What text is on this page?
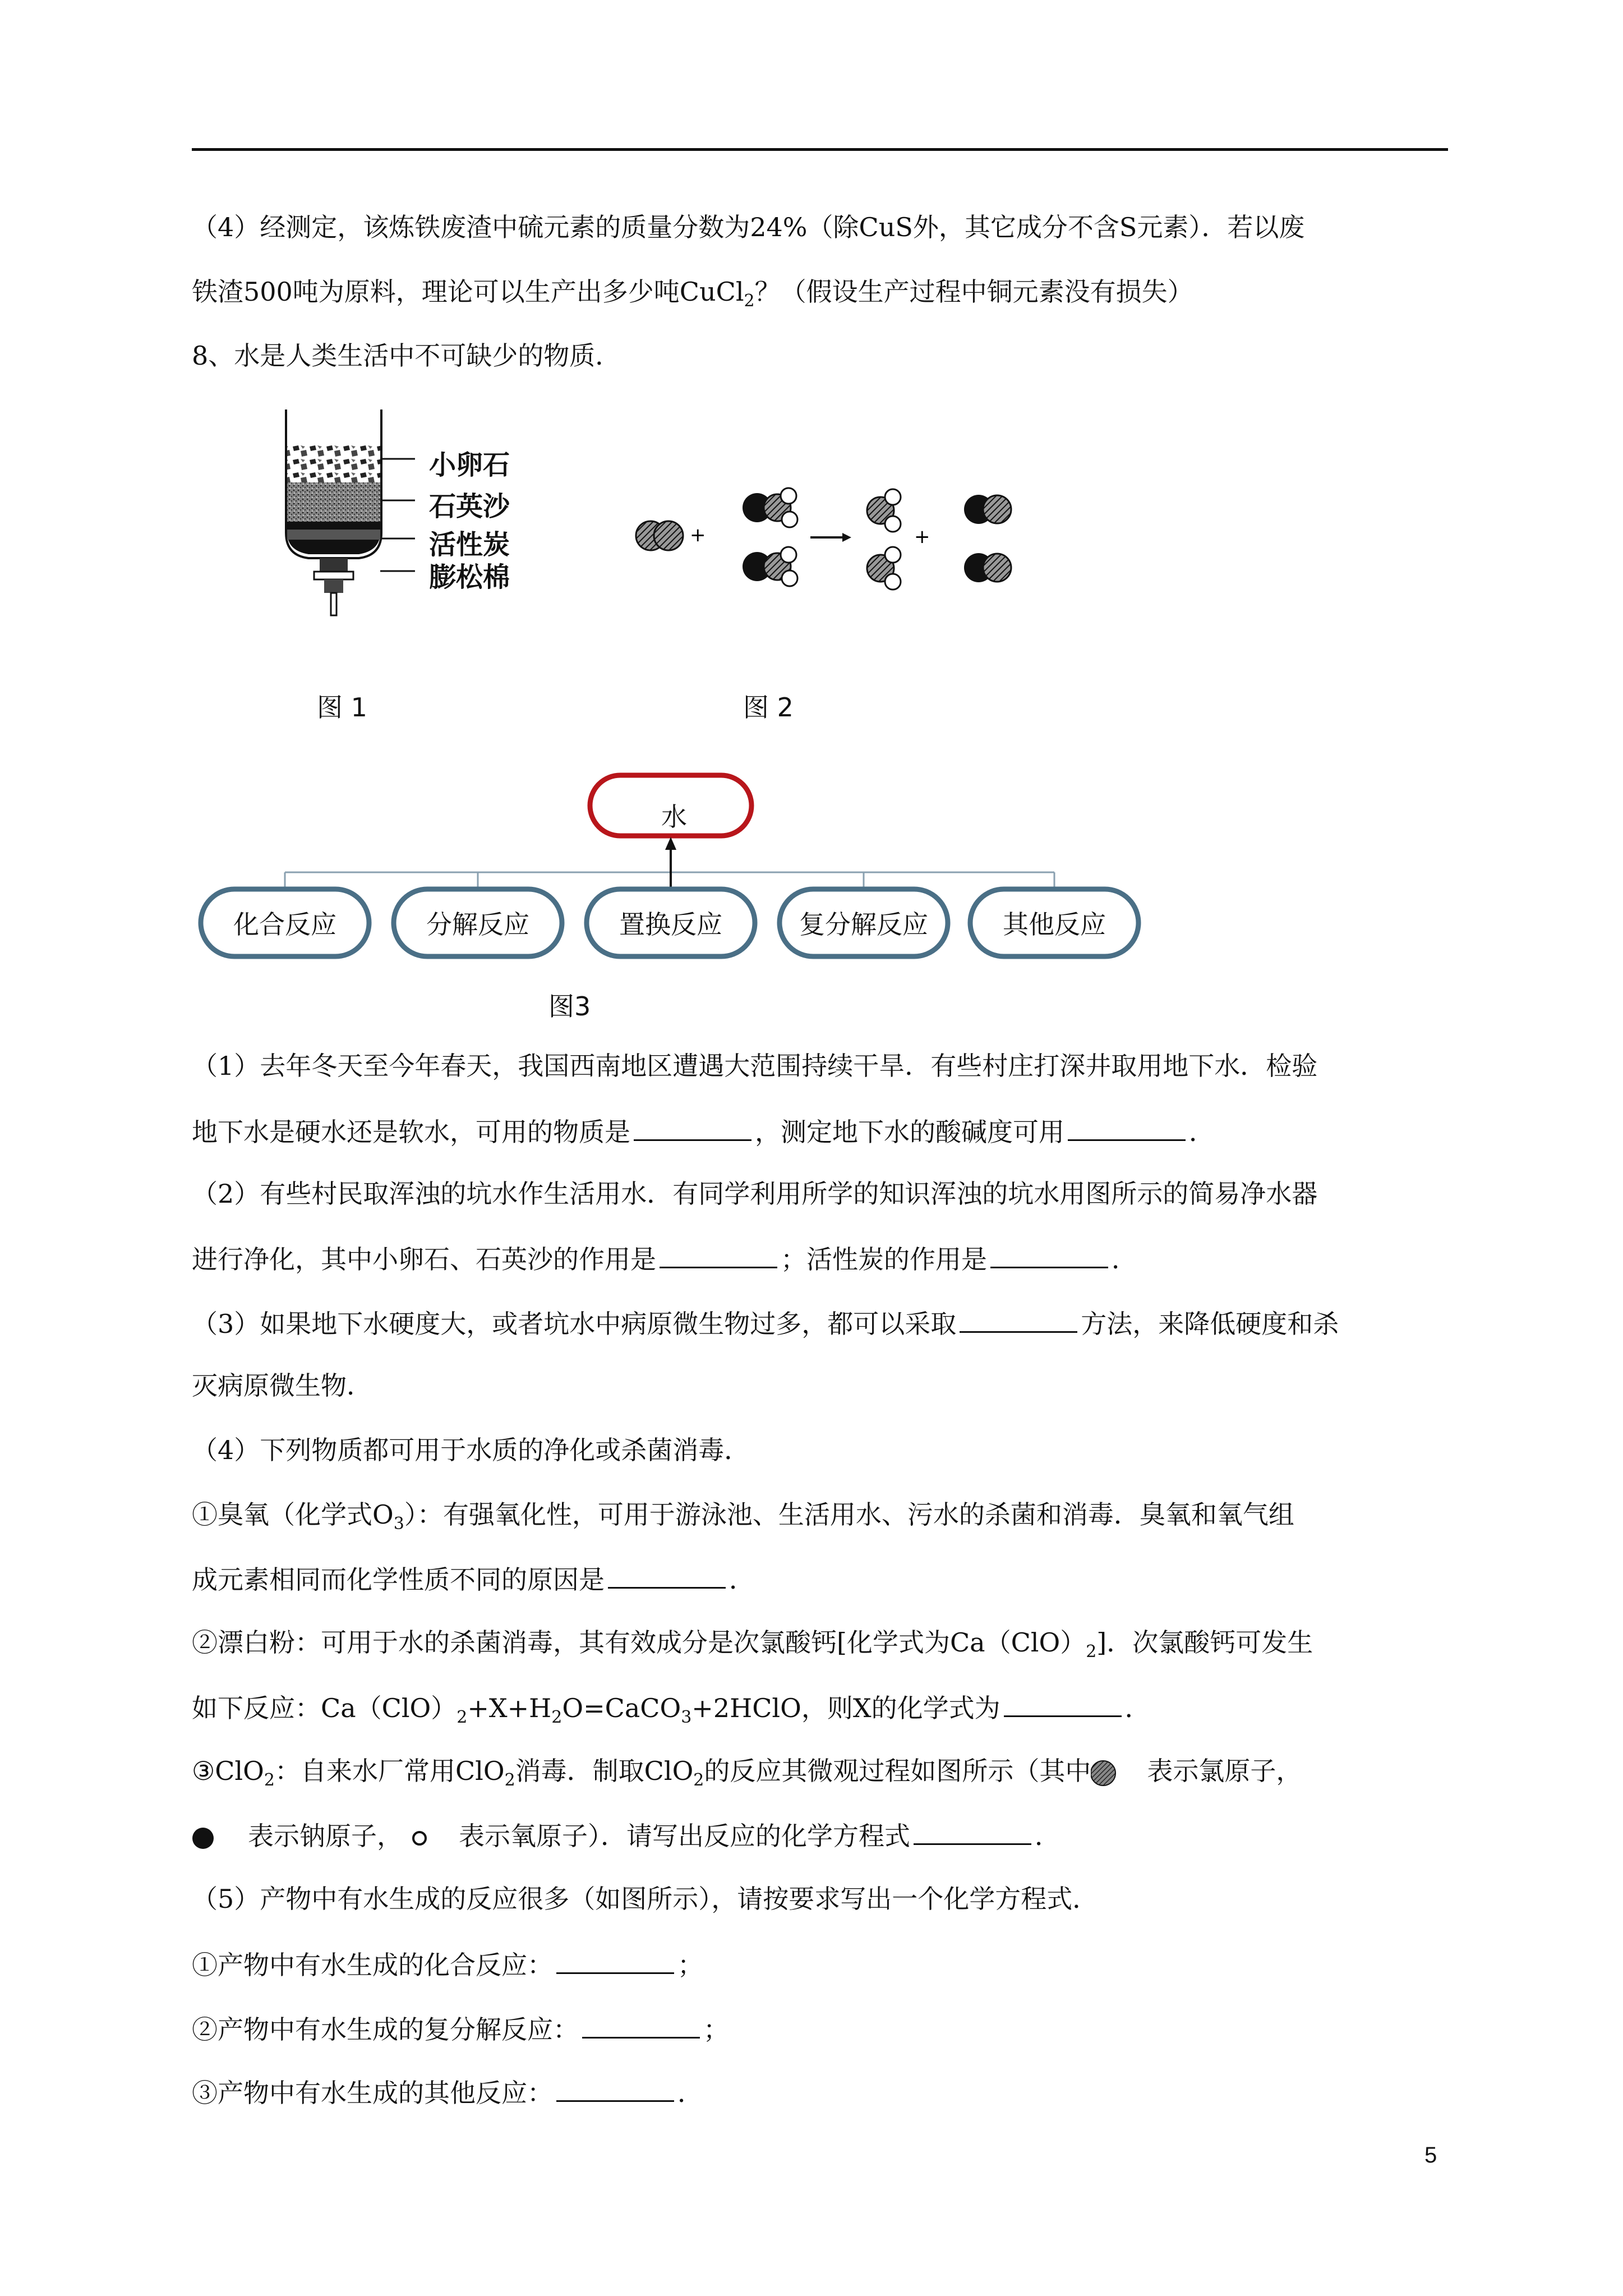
（4）经测定，该炼铁废渣中硫元素的质量分数为24%（除CuS外，其它成分不含S元素）．若以废
铁渣500吨为原料，理论可以生产出多少吨CuCl$_2$？（假设生产过程中铜元素没有损失）
8、水是人类生活中不可缺少的物质．
小卵石
石英沙
活性炭
膨松棉
图 1
+	+
图 2
水
化合反应	分解反应	置换反应	复分解反应	其他反应
图3
（1）去年冬天至今年春天，我国西南地区遭遇大范围持续干旱．有些村庄打深井取用地下水．检验
地下水是硬水还是软水，可用的物质是	，测定地下水的酸碱度可用	．
（2）有些村民取浑浊的坑水作生活用水．有同学利用所学的知识浑浊的坑水用图所示的简易净水器
进行净化，其中小卵石、石英沙的作用是	；活性炭的作用是	．
（3）如果地下水硬度大，或者坑水中病原微生物过多，都可以采取	方法，来降低硬度和杀
灭病原微生物．
（4）下列物质都可用于水质的净化或杀菌消毒．
①臭氧（化学式$O_3$）：有强氧化性，可用于游泳池、生活用水、污水的杀菌和消毒．臭氧和氧气组
成元素相同而化学性质不同的原因是	．
②漂白粉：可用于水的杀菌消毒，其有效成分是次氯酸钙[化学式为$Ca(ClO)_2$]．次氯酸钙可发生
如下反应：$Ca(ClO)_2+X+H_2O=CaCO_3+2HClO$，则X的化学式为	．
③ClO$_2$：自来水厂常用ClO$_2$消毒．制取ClO$_2$的反应其微观过程如图所示（其中 表示氯原子，
表示钠原子， 表示氧原子）．请写出反应的化学方程式	．
（5）产物中有水生成的反应很多（如图所示），请按要求写出一个化学方程式．
①产物中有水生成的化合反应：	；
②产物中有水生成的复分解反应：	；
③产物中有水生成的其他反应：	．
5
